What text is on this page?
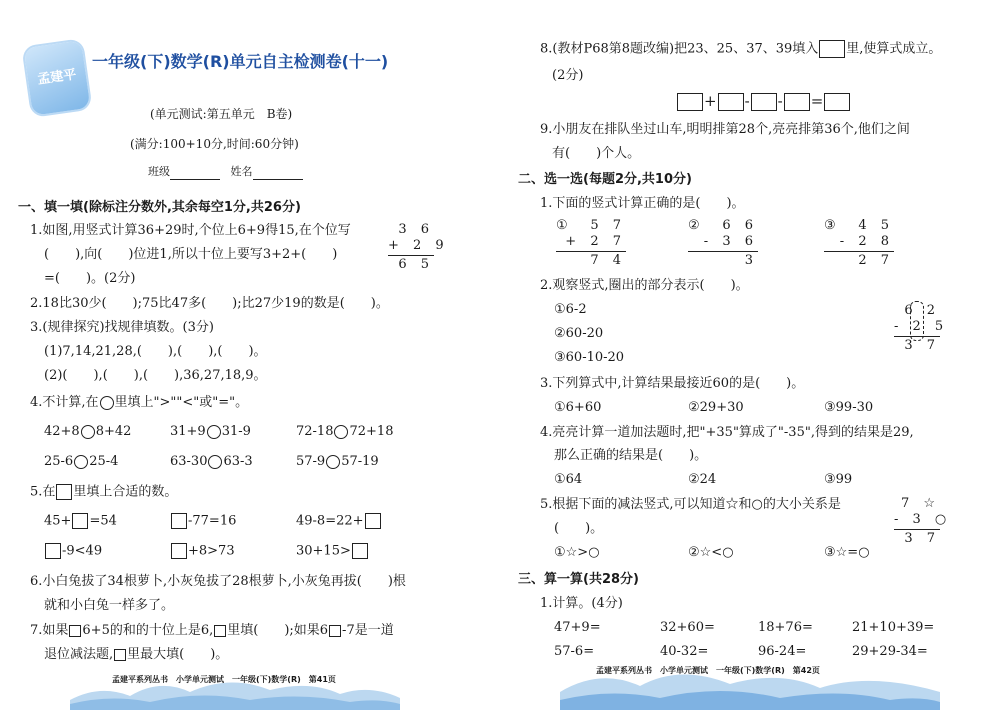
孟建平
一年级(下)数学(R)单元自主检测卷(十一)
(单元测试:第五单元　B卷)
(满分:100+10分,时间:60分钟)
班级	姓名
一、填一填(除标注分数外,其余每空1分,共26分)
1.如图,用竖式计算36+29时,个位上6+9得15,在个位写
(　　),向(　　)位进1,所以十位上要写3+2+(　　)
=(　　)。(2分)
3 6
+ 2 9
6 5
2.18比30少(　　);75比47多(　　);比27少19的数是(　　)。
3.(规律探究)找规律填数。(3分)
(1)7,14,21,28,(　　),(　　),(　　)。
(2)(　　),(　　),(　　),36,27,18,9。
4.不计算,在 里填上">""<"或"="。
42+8 8+42	31+9 31-9	72-18 72+18
25-6 25-4	63-30 63-3	57-9 57-19
5.在 里填上合适的数。
45+ =54	-77=16	49-8=22+
-9<49	+8>73	30+15>
6.小白兔拔了34根萝卜,小灰兔拔了28根萝卜,小灰兔再拔(　　)根
就和小白兔一样多了。
7.如果 6+5的和的十位上是6, 里填(　　);如果6 -7是一道
退位减法题, 里最大填(　　)。
孟建平系列丛书　小学单元测试　一年级(下)数学(R)　第41页
8.(教材P68第8题改编)把23、25、37、39填入 里,使算式成立。
(2分)
+ - - =
9.小朋友在排队坐过山车,明明排第28个,亮亮排第36个,他们之间
有(　　)个人。
二、选一选(每题2分,共10分)
1.下面的竖式计算正确的是(　　)。
① 5 7
+ 2 7
7 4
② 6 6
- 3 6
3
③ 4 5
- 2 8
2 7
2.观察竖式,圈出的部分表示(　　)。
①6-2
②60-20
③60-10-20
6 2
- 2 5
3 7
3.下列算式中,计算结果最接近60的是(　　)。
①6+60	②29+30	③99-30
4.亮亮计算一道加法题时,把"+35"算成了"-35",得到的结果是29,
那么正确的结果是(　　)。
①64	②24	③99
5.根据下面的减法竖式,可以知道☆和○的大小关系是
(　　)。
7 ☆
- 3 ○
3 7
①☆>○	②☆<○	③☆=○
三、算一算(共28分)
1.计算。(4分)
47+9=	32+60=	18+76=	21+10+39=
57-6=	40-32=	96-24=	29+29-34=
孟建平系列丛书　小学单元测试　一年级(下)数学(R)　第42页
